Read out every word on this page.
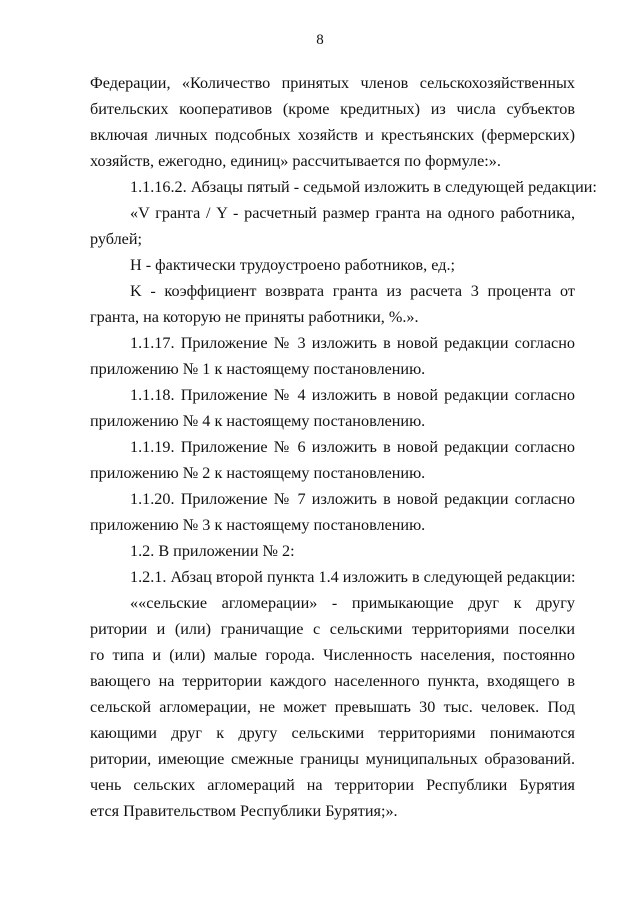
8
Федерации, «Количество принятых членов сельскохозяйственных
бительских кооперативов (кроме кредитных) из числа субъектов
включая личных подсобных хозяйств и крестьянских (фермерских)
хозяйств, ежегодно, единиц» рассчитывается по формуле:».
1.1.16.2. Абзацы пятый - седьмой изложить в следующей редакции:
«V гранта / Y - расчетный размер гранта на одного работника,
рублей;
H - фактически трудоустроено работников, ед.;
K - коэффициент возврата гранта из расчета 3 процента от
гранта, на которую не приняты работники, %.».
1.1.17. Приложение № 3 изложить в новой редакции согласно
приложению № 1 к настоящему постановлению.
1.1.18. Приложение № 4 изложить в новой редакции согласно
приложению № 4 к настоящему постановлению.
1.1.19. Приложение № 6 изложить в новой редакции согласно
приложению № 2 к настоящему постановлению.
1.1.20. Приложение № 7 изложить в новой редакции согласно
приложению № 3 к настоящему постановлению.
1.2. В приложении № 2:
1.2.1. Абзац второй пункта 1.4 изложить в следующей редакции:
««сельские агломерации» - примыкающие друг к другу
ритории и (или) граничащие с сельскими территориями поселки
го типа и (или) малые города. Численность населения, постоянно
вающего на территории каждого населенного пункта, входящего в
сельской агломерации, не может превышать 30 тыс. человек. Под
кающими друг к другу сельскими территориями понимаются
ритории, имеющие смежные границы муниципальных образований.
чень сельских агломераций на территории Республики Бурятия
ется Правительством Республики Бурятия;».
